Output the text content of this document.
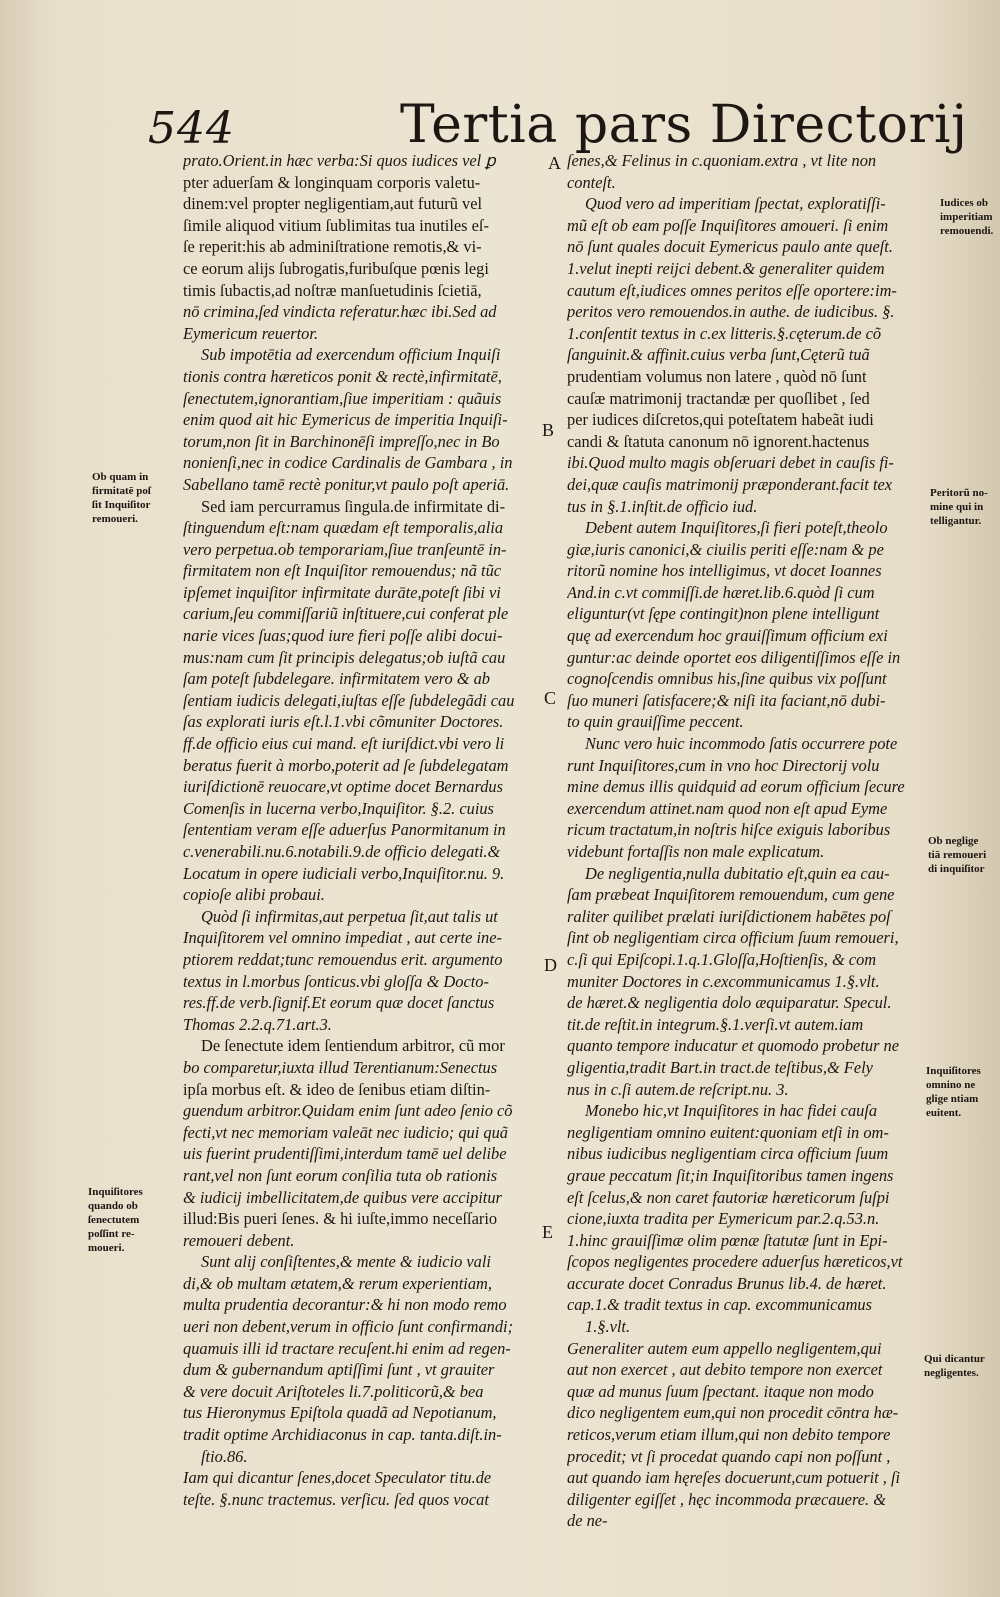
544	Tertia pars Directorij
prato.Orient.in hæc verba:Si quos iudices vel ꝑ
pter aduerſam & longinquam corporis valetu-
dinem:vel propter negligentiam,aut futurũ vel
ſimile aliquod vitium ſublimitas tua inutiles eſ-
ſe reperit:his ab adminiſtratione remotis,& vi-
ce eorum alijs ſubrogatis,furibuſque pœnis legi
timis ſubactis,ad noſtræ manſuetudinis ſcietiā,
nō crimina,ſed vindicta referatur.hæc ibi.Sed ad
Eymericum reuertor.
Sub impotētia ad exercendum officium Inquiſi
tionis contra hæreticos ponit & rectè,infirmitatē,
ſenectutem,ignorantiam,ſiue imperitiam : quãuis
enim quod ait hic Eymericus de imperitia Inquiſi-
torum,non ſit in Barchinonēſi impreſſo,nec in Bo
nonienſi,nec in codice Cardinalis de Gambara , in
Sabellano tamē rectè ponitur,vt paulo poſt aperiā.
Sed iam percurramus ſingula.de infirmitate di-
ſtinguendum eſt:nam quædam eſt temporalis,alia
vero perpetua.ob temporariam,ſiue tranſeuntē in-
firmitatem non eſt Inquiſitor remouendus; nã tũc
ipſemet inquiſitor infirmitate durāte,poteſt ſibi vi
carium,ſeu commiſſariũ inſtituere,cui conferat ple
narie vices ſuas;quod iure fieri poſſe alibi docui-
mus:nam cum ſit principis delegatus;ob iuſtã cau
ſam poteſt ſubdelegare. infirmitatem vero & ab
ſentiam iudicis delegati,iuſtas eſſe ſubdelegãdi cau
ſas explorati iuris eſt.l.1.vbi cõmuniter Doctores.
ff.de officio eius cui mand. eſt iuriſdict.vbi vero li
beratus fuerit à morbo,poterit ad ſe ſubdelegatam
iuriſdictionē reuocare,vt optime docet Bernardus
Comenſis in lucerna verbo,Inquiſitor. §.2. cuius
ſententiam veram eſſe aduerſus Panormitanum in
c.venerabili.nu.6.notabili.9.de officio delegati.&
Locatum in opere iudiciali verbo,Inquiſitor.nu. 9.
copioſe alibi probaui.
Quòd ſi infirmitas,aut perpetua ſit,aut talis ut
Inquiſitorem vel omnino impediat , aut certe ine-
ptiorem reddat;tunc remouendus erit. argumento
textus in l.morbus ſonticus.vbi gloſſa & Docto-
res.ff.de verb.ſignif.Et eorum quæ docet ſanctus
Thomas 2.2.q.71.art.3.
De ſenectute idem ſentiendum arbitror, cũ mor
bo comparetur,iuxta illud Terentianum:Senectus
ipſa morbus eſt. & ideo de ſenibus etiam diſtin-
guendum arbitror.Quidam enim ſunt adeo ſenio cõ
fecti,vt nec memoriam valeāt nec iudicio; qui quã
uis fuerint prudentiſſimi,interdum tamē uel delibe
rant,vel non ſunt eorum conſilia tuta ob rationis
& iudicij imbellicitatem,de quibus vere accipitur
illud:Bis pueri ſenes. & hi iuſte,immo neceſſario
remoueri debent.
Sunt alij conſiſtentes,& mente & iudicio vali
di,& ob multam ætatem,& rerum experientiam,
multa prudentia decorantur:& hi non modo remo
ueri non debent,verum in officio ſunt confirmandi;
quamuis illi id tractare recuſent.hi enim ad regen-
dum & gubernandum aptiſſimi ſunt , vt grauiter
& vere docuit Ariſtoteles li.7.politicorũ,& bea
tus Hieronymus Epiſtola quadã ad Nepotianum,
tradit optime Archidiaconus in cap. tanta.diſt.in-
ſtio.86.
Iam qui dicantur ſenes,docet Speculator titu.de
teſte. §.nunc tractemus. verſicu. ſed quos vocat
ſenes,& Felinus in c.quoniam.extra , vt lite non
conteſt.
Quod vero ad imperitiam ſpectat, exploratiſſi-
mũ eſt ob eam poſſe Inquiſitores amoueri. ſi enim
nō ſunt quales docuit Eymericus paulo ante queſt.
1.velut inepti reijci debent.& generaliter quidem
cautum eſt,iudices omnes peritos eſſe oportere:im-
peritos vero remouendos.in authe. de iudicibus. §.
1.conſentit textus in c.ex litteris.§.cęterum.de cõ
ſanguinit.& affinit.cuius verba ſunt,Cęterũ tuã
prudentiam volumus non latere , quòd nō ſunt
cauſæ matrimonij tractandæ per quoſlibet , ſed
per iudices diſcretos,qui poteſtatem habeãt iudi
candi & ſtatuta canonum nō ignorent.hactenus
ibi.Quod multo magis obſeruari debet in cauſis fi-
dei,quæ cauſis matrimonij præponderant.facit tex
tus in §.1.inſtit.de officio iud.
Debent autem Inquiſitores,ſi fieri poteſt,theolo
giæ,iuris canonici,& ciuilis periti eſſe:nam & pe
ritorũ nomine hos intelligimus, vt docet Ioannes
And.in c.vt commiſſi.de hæret.lib.6.quòd ſi cum
eliguntur(vt ſępe contingit)non plene intelligunt
quę ad exercendum hoc grauiſſimum officium exi
guntur:ac deinde oportet eos diligentiſſimos eſſe in
cognoſcendis omnibus his,ſine quibus vix poſſunt
ſuo muneri ſatisfacere;& niſi ita faciant,nō dubi-
to quin grauiſſime peccent.
Nunc vero huic incommodo ſatis occurrere pote
runt Inquiſitores,cum in vno hoc Directorij volu
mine demus illis quidquid ad eorum officium ſecure
exercendum attinet.nam quod non eſt apud Eyme
ricum tractatum,in noſtris hiſce exiguis laboribus
videbunt fortaſſis non male explicatum.
De negligentia,nulla dubitatio eſt,quin ea cau-
ſam præbeat Inquiſitorem remouendum, cum gene
raliter quilibet prælati iuriſdictionem habētes poſ
ſint ob negligentiam circa officium ſuum remoueri,
c.ſi qui Epiſcopi.1.q.1.Gloſſa,Hoſtienſis, & com
muniter Doctores in c.excommunicamus 1.§.vlt.
de hæret.& negligentia dolo æquiparatur. Specul.
tit.de reſtit.in integrum.§.1.verſi.vt autem.iam
quanto tempore inducatur et quomodo probetur ne
gligentia,tradit Bart.in tract.de teſtibus,& Fely
nus in c.ſi autem.de reſcript.nu. 3.
Monebo hic,vt Inquiſitores in hac fidei cauſa
negligentiam omnino euitent:quoniam etſi in om-
nibus iudicibus negligentiam circa officium ſuum
graue peccatum ſit;in Inquiſitoribus tamen ingens
eſt ſcelus,& non caret fautoriæ hæreticorum ſuſpi
cione,iuxta tradita per Eymericum par.2.q.53.n.
1.hinc grauiſſimæ olim pœnæ ſtatutæ ſunt in Epi-
ſcopos negligentes procedere aduerſus hæreticos,vt
accurate docet Conradus Brunus lib.4. de hæret.
cap.1.& tradit textus in cap. excommunicamus
1.§.vlt.
Generaliter autem eum appello negligentem,qui
aut non exercet , aut debito tempore non exercet
quæ ad munus ſuum ſpectant. itaque non modo
dico negligentem eum,qui non procedit cōntra hæ-
reticos,verum etiam illum,qui non debito tempore
procedit; vt ſi procedat quando capi non poſſunt ,
aut quando iam hęreſes docuerunt,cum potuerit , ſi
diligenter egiſſet , hęc incommoda præcauere. &
de ne-
A
B
C
D
E
Ob quam in
firmitatē poſ
ſit Inquiſitor
remoueri.
Inquiſitores
quando ob
ſenectutem
poſſint re-
moueri.
Iudices ob
imperitiam
remouendi.
Peritorũ no-
mine qui in
telligantur.
Ob neglige
tiā remoueri
di inquiſitor
Inquiſitores
omnino ne
glige ntiam
euitent.
Qui dicantur
negligentes.
